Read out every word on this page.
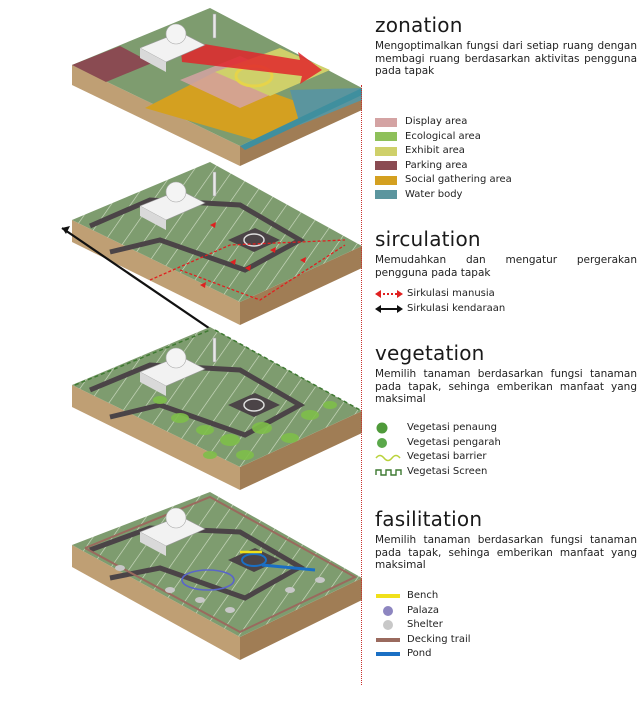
zonation

Mengoptimalkan fungsi dari setiap ruang dengan membagi ruang berdasarkan aktivitas pengguna pada tapak

Display area
Ecological area
Exhibit area
Parking area
Social gathering area
Water body
sirculation

Memudahkan dan mengatur pergerakan pengguna pada tapak

Sirkulasi manusia
Sirkulasi kendaraan
vegetation

Memilih tanaman berdasarkan fungsi tanaman pada tapak, sehinga emberikan manfaat yang maksimal

Vegetasi penaung
Vegetasi pengarah
Vegetasi barrier
Vegetasi Screen
fasilitation

Memilih tanaman berdasarkan fungsi tanaman pada tapak, sehinga emberikan manfaat yang maksimal

Bench
Palaza
Shelter
Decking trail
Pond
